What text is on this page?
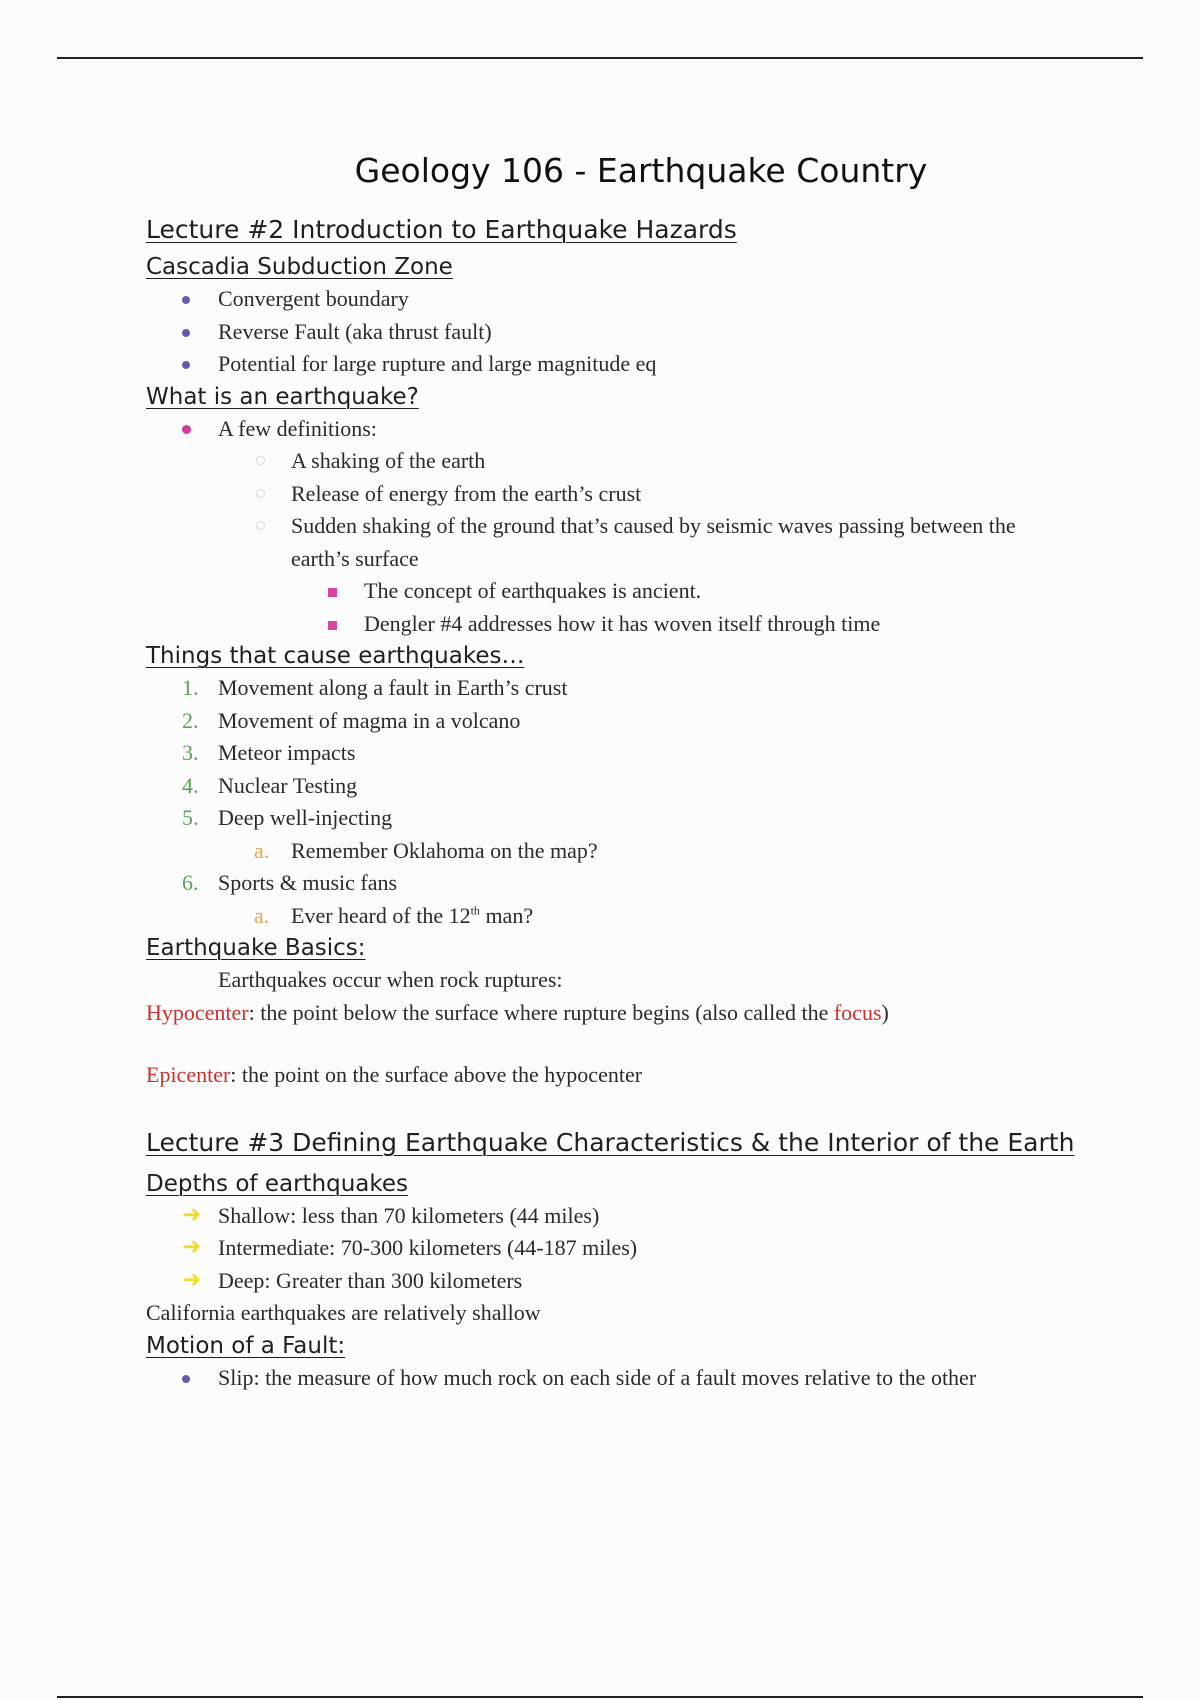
Geology 106 - Earthquake Country
Lecture #2 Introduction to Earthquake Hazards
Cascadia Subduction Zone
Convergent boundary
Reverse Fault (aka thrust fault)
Potential for large rupture and large magnitude eq
What is an earthquake?
A few definitions:
A shaking of the earth
Release of energy from the earth’s crust
Sudden shaking of the ground that’s caused by seismic waves passing between the
earth’s surface
The concept of earthquakes is ancient.
Dengler #4 addresses how it has woven itself through time
Things that cause earthquakes…
1. Movement along a fault in Earth’s crust
2. Movement of magma in a volcano
3. Meteor impacts
4. Nuclear Testing
5. Deep well-injecting
a. Remember Oklahoma on the map?
6. Sports & music fans
a. Ever heard of the 12th man?
Earthquake Basics:
Earthquakes occur when rock ruptures:
Hypocenter: the point below the surface where rupture begins (also called the focus)
Epicenter: the point on the surface above the hypocenter
Lecture #3 Defining Earthquake Characteristics & the Interior of the Earth
Depths of earthquakes
➜ Shallow: less than 70 kilometers (44 miles)
➜ Intermediate: 70-300 kilometers (44-187 miles)
➜ Deep: Greater than 300 kilometers
California earthquakes are relatively shallow
Motion of a Fault:
Slip: the measure of how much rock on each side of a fault moves relative to the other
